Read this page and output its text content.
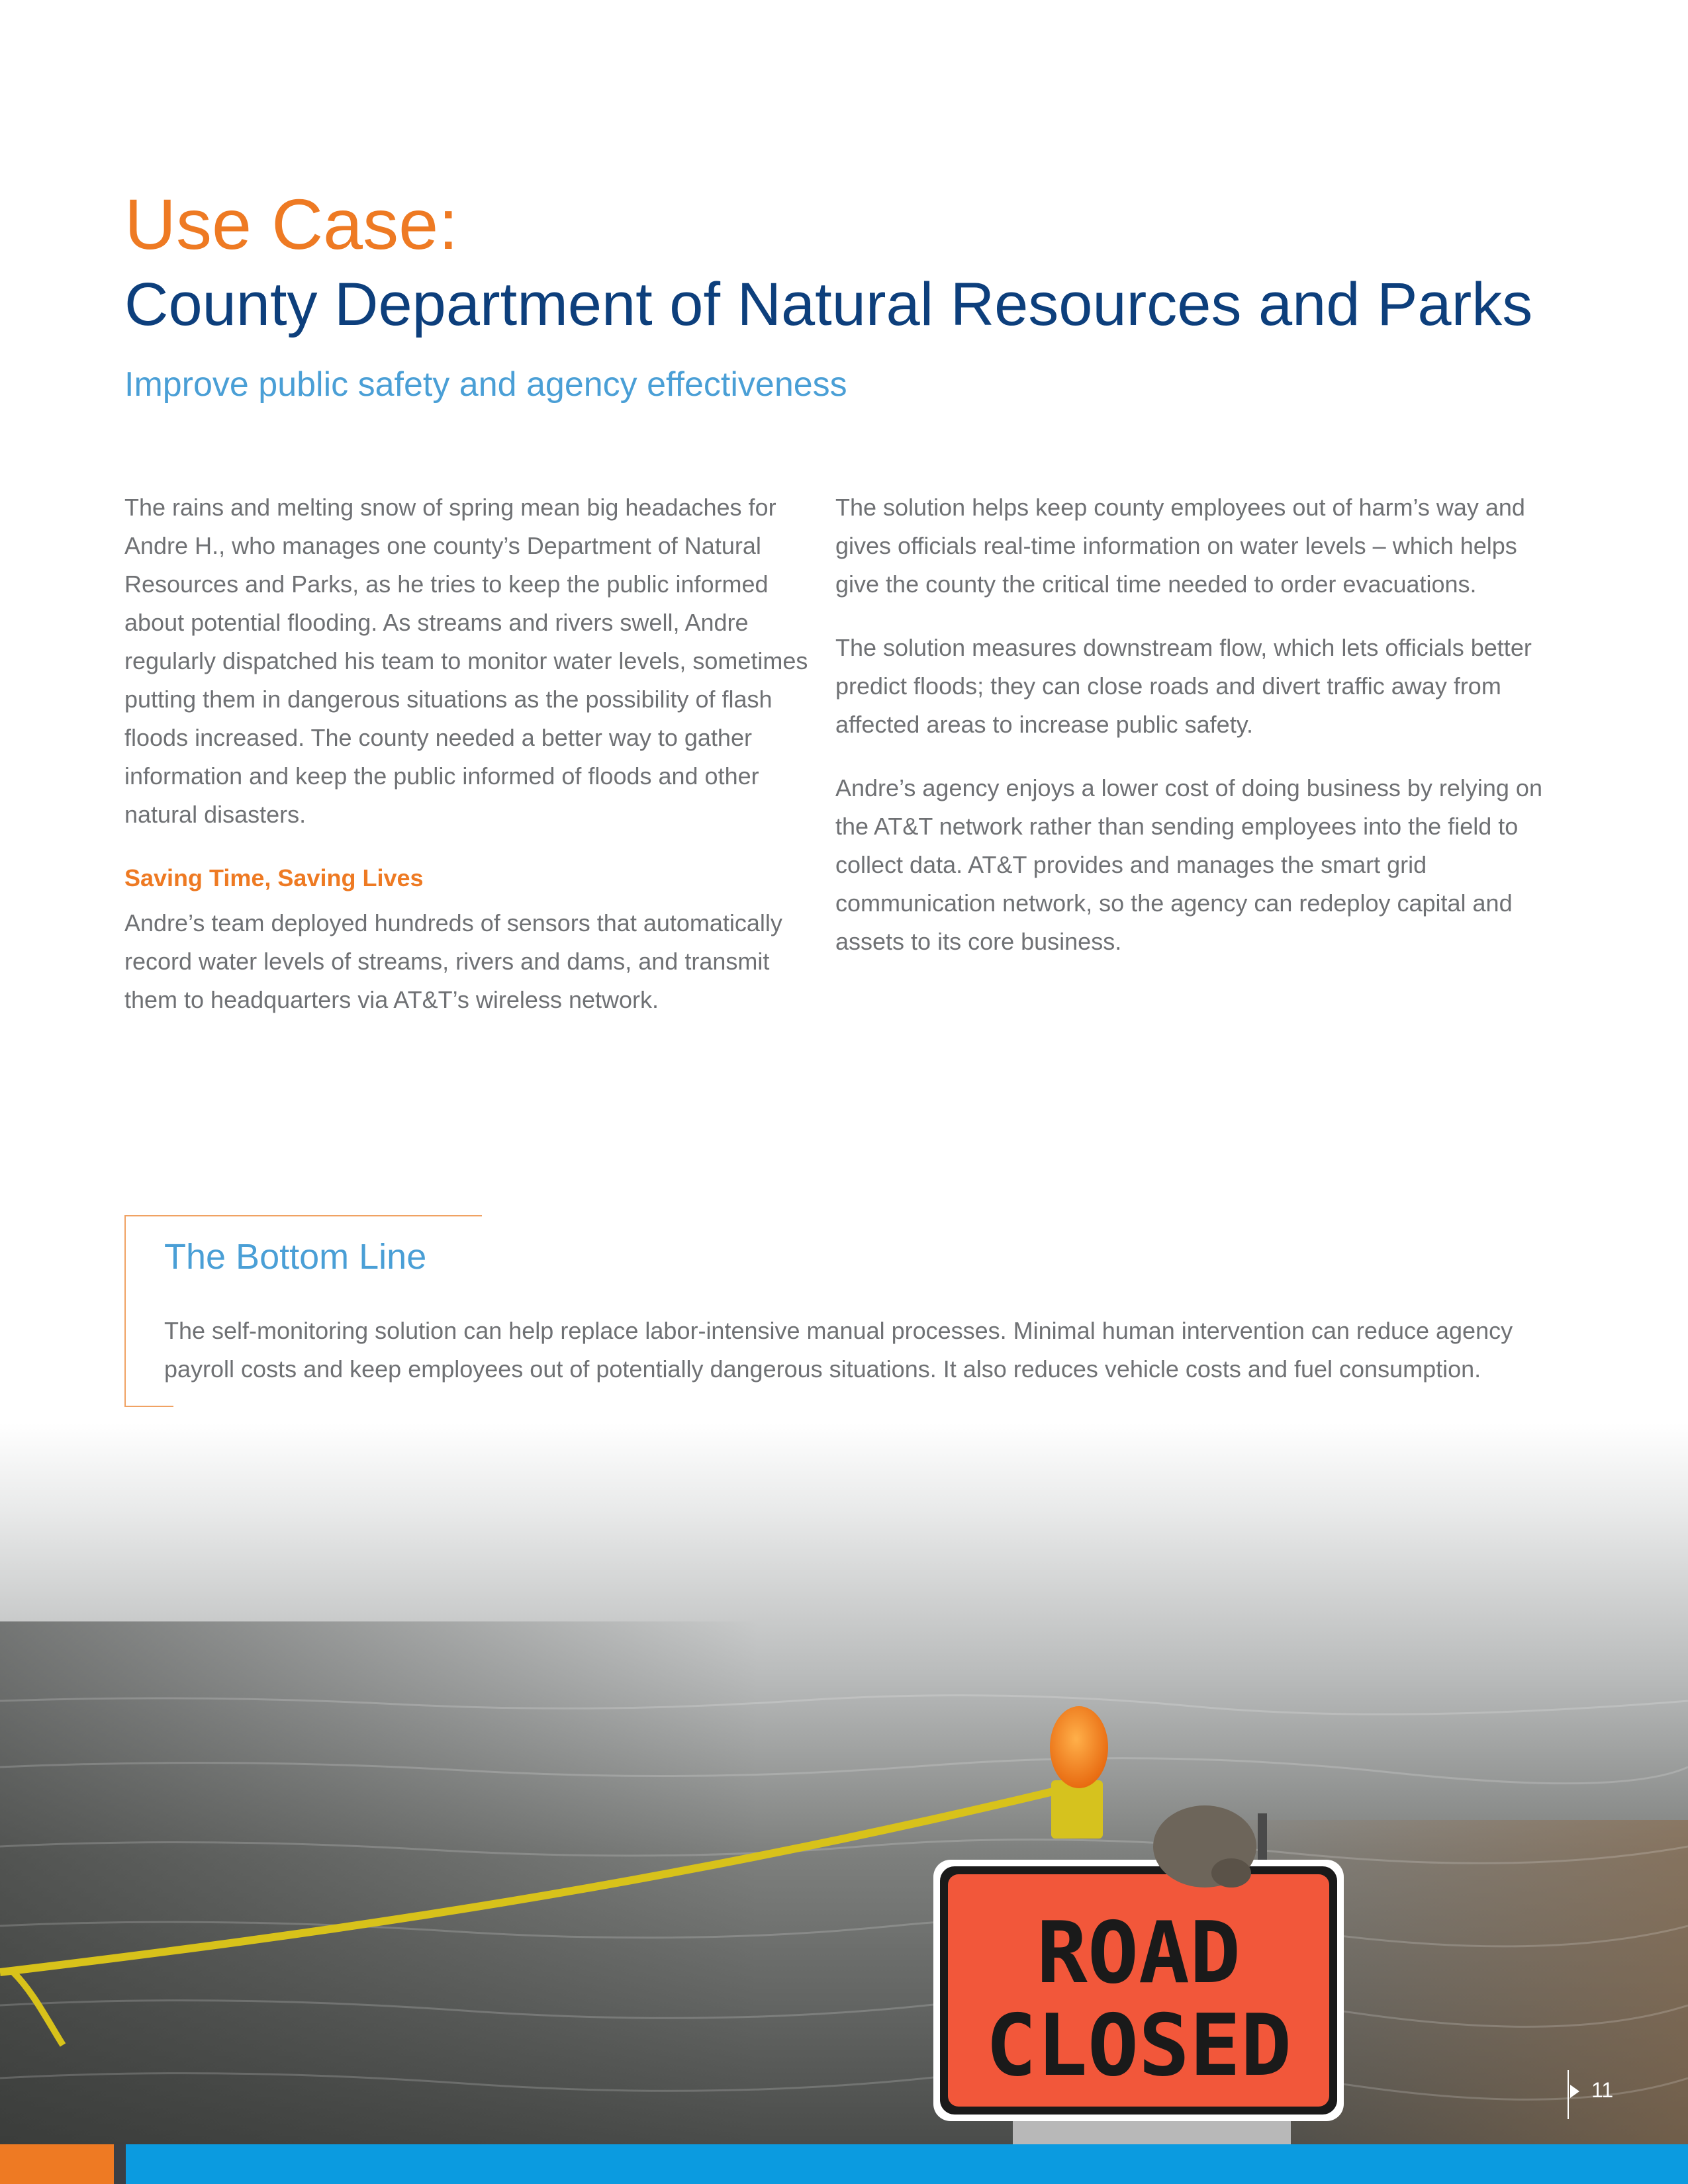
Use Case:
County Department of Natural Resources and Parks
Improve public safety and agency effectiveness

The rains and melting snow of spring mean big headaches for Andre H., who manages one county’s Department of Natural Resources and Parks, as he tries to keep the public informed about potential flooding. As streams and rivers swell, Andre regularly dispatched his team to monitor water levels, sometimes putting them in dangerous situations as the possibility of flash floods increased. The county needed a better way to gather information and keep the public informed of floods and other natural disasters.

Saving Time, Saving Lives

Andre’s team deployed hundreds of sensors that automatically record water levels of streams, rivers and dams, and transmit them to headquarters via AT&T’s wireless network.

The solution helps keep county employees out of harm’s way and gives officials real-time information on water levels – which helps give the county the critical time needed to order evacuations.

The solution measures downstream flow, which lets officials better predict floods; they can close roads and divert traffic away from affected areas to increase public safety.

Andre’s agency enjoys a lower cost of doing business by relying on the AT&T network rather than sending employees into the field to collect data. AT&T provides and manages the smart grid communication network, so the agency can redeploy capital and assets to its core business.

The Bottom Line
The self-monitoring solution can help replace labor-intensive manual processes. Minimal human intervention can reduce agency payroll costs and keep employees out of potentially dangerous situations. It also reduces vehicle costs and fuel consumption.
ROAD
CLOSED	11
